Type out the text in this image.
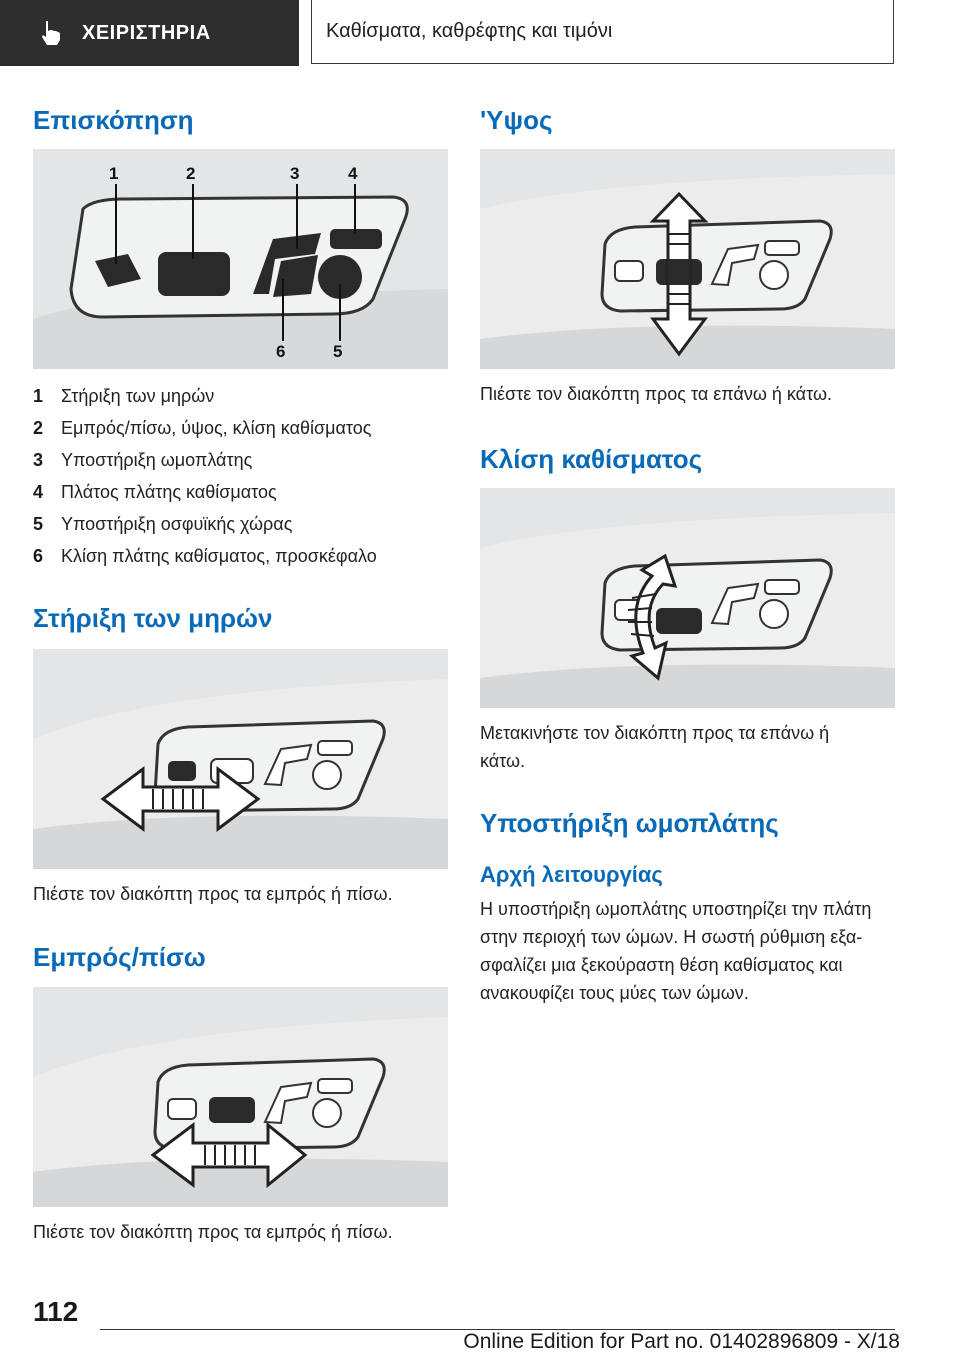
ΧΕΙΡΙΣΤΗΡΙΑ	Καθίσματα, καθρέφτης και τιμόνι
Επισκόπηση
1	2	3	4
5
6
1 Στήριξη των μηρών
2 Εμπρός/πίσω, ύψος, κλίση καθίσματος
3 Υποστήριξη ωμοπλάτης
4 Πλάτος πλάτης καθίσματος
5 Υποστήριξη οσφυϊκής χώρας
6 Κλίση πλάτης καθίσματος, προσκέφαλο
Στήριξη των μηρών

Πιέστε τον διακόπτη προς τα εμπρός ή πίσω.

Εμπρός/πίσω

Πιέστε τον διακόπτη προς τα εμπρός ή πίσω.

'Υψος

Πιέστε τον διακόπτη προς τα επάνω ή κάτω.

Κλίση καθίσματος

Μετακινήστε τον διακόπτη προς τα επάνω ή

κάτω.

Υποστήριξη ωμοπλάτης
Αρχή λειτουργίας

Η υποστήριξη ωμοπλάτης υποστηρίζει την πλάτη

στην περιοχή των ώμων. Η σωστή ρύθμιση εξα-

σφαλίζει μια ξεκούραστη θέση καθίσματος και

ανακουφίζει τους μύες των ώμων.

112
Online Edition for Part no. 01402896809 - X/18
